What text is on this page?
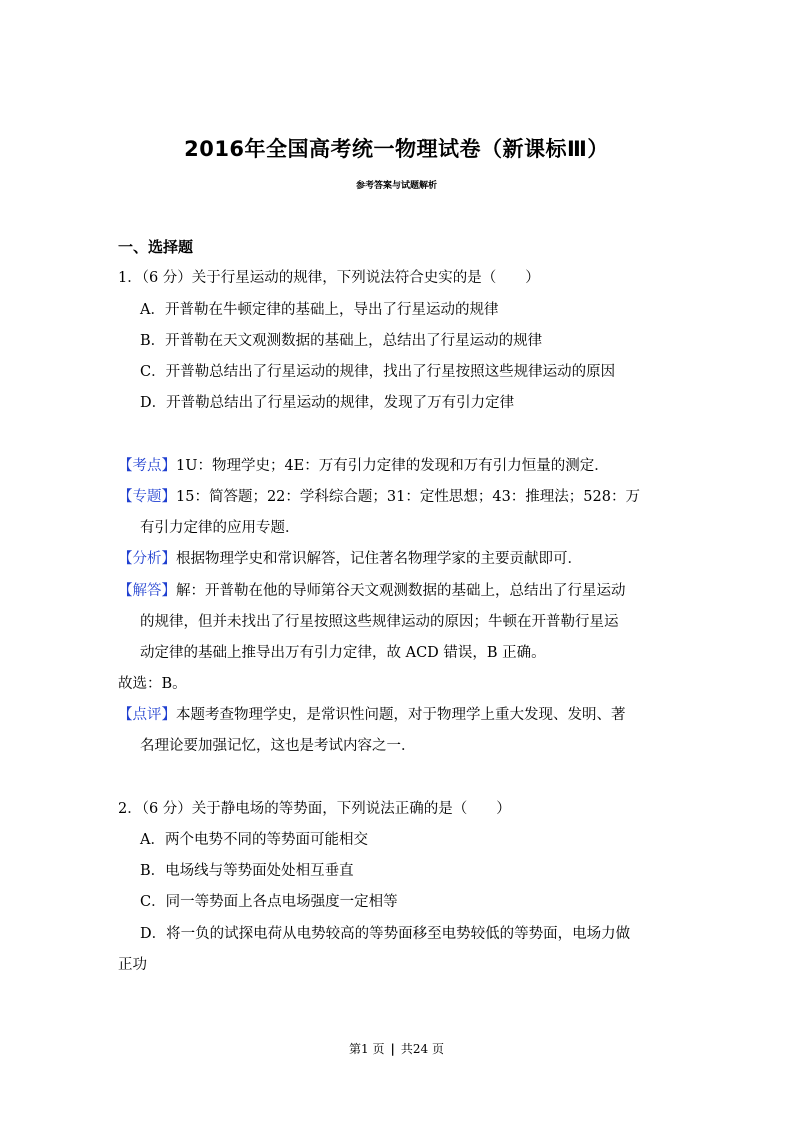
2016年全国高考统一物理试卷（新课标Ⅲ）
参考答案与试题解析
一、选择题
1．（6 分）关于行星运动的规律，下列说法符合史实的是（　　）
A．开普勒在牛顿定律的基础上，导出了行星运动的规律
B．开普勒在天文观测数据的基础上，总结出了行星运动的规律
C．开普勒总结出了行星运动的规律，找出了行星按照这些规律运动的原因
D．开普勒总结出了行星运动的规律，发现了万有引力定律
【考点】1U：物理学史；4E：万有引力定律的发现和万有引力恒量的测定．
【专题】15：简答题；22：学科综合题；31：定性思想；43：推理法；528：万
有引力定律的应用专题．
【分析】根据物理学史和常识解答，记住著名物理学家的主要贡献即可．
【解答】解：开普勒在他的导师第谷天文观测数据的基础上，总结出了行星运动
的规律，但并未找出了行星按照这些规律运动的原因；牛顿在开普勒行星运
动定律的基础上推导出万有引力定律，故 ACD 错误，B 正确。
故选：B。
【点评】本题考查物理学史，是常识性问题，对于物理学上重大发现、发明、著
名理论要加强记忆，这也是考试内容之一．
2．（6 分）关于静电场的等势面，下列说法正确的是（　　）
A．两个电势不同的等势面可能相交
B．电场线与等势面处处相互垂直
C．同一等势面上各点电场强度一定相等
D．将一负的试探电荷从电势较高的等势面移至电势较低的等势面，电场力做
正功
第1 页 | 共24 页
